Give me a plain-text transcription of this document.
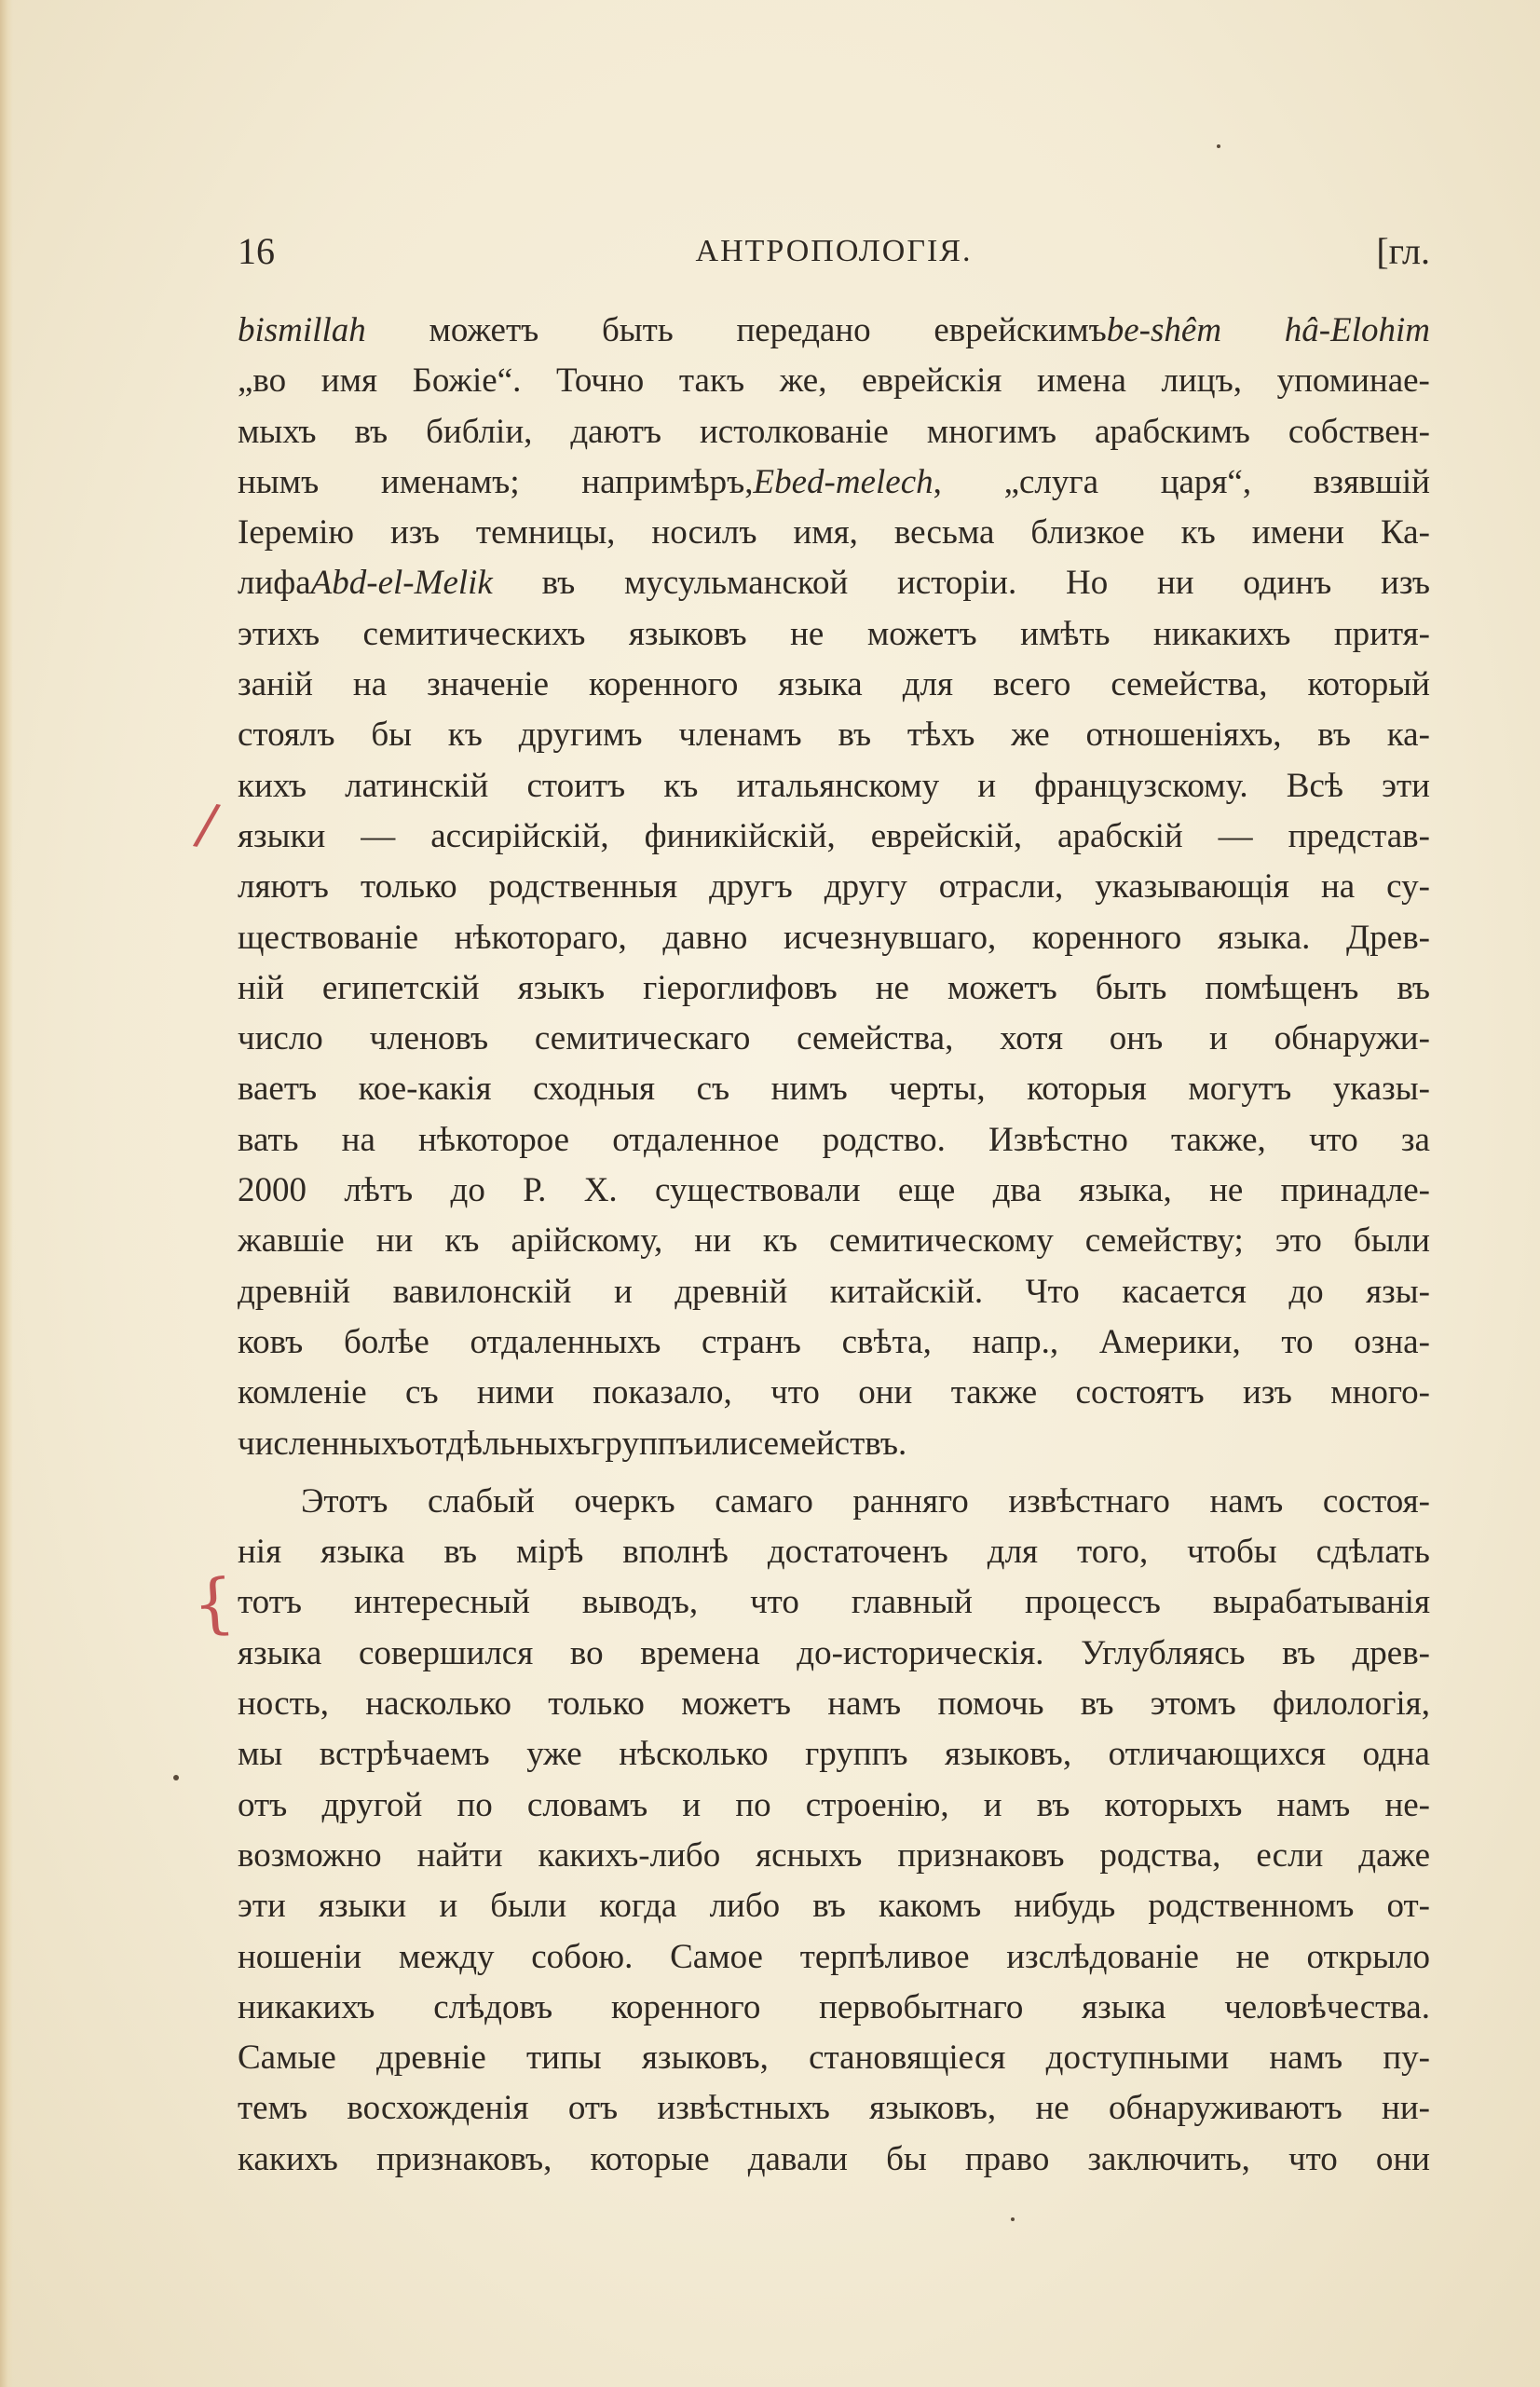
16	АНТРОПОЛОГІЯ.	[гл.
bismillah можетъ быть передано еврейскимъbe-shêm hâ-Elohim
„во имя Божіе“. Точно такъ же, еврейскія имена лицъ, упоминае-
мыхъ въ библіи, даютъ истолкованіе многимъ арабскимъ собствен-
нымъ именамъ; напримѣръ,Ebed-melech, „слуга царя“, взявшій
Іеремію изъ темницы, носилъ имя, весьма близкое къ имени Ка-
лифаAbd-el-Melik въ мусульманской исторіи. Но ни одинъ изъ
этихъ семитическихъ языковъ не можетъ имѣть никакихъ притя-
заній на значеніе коренного языка для всего семейства, который
стоялъ бы къ другимъ членамъ въ тѣхъ же отношеніяхъ, въ ка-
кихъ латинскій стоитъ къ итальянскому и французскому. Всѣ эти
языки — ассирійскій, финикійскій, еврейскій, арабскій — представ-
ляютъ только родственныя другъ другу отрасли, указывающія на су-
ществованіе нѣкотораго, давно исчезнувшаго, коренного языка. Древ-
ній египетскій языкъ гіероглифовъ не можетъ быть помѣщенъ въ
число членовъ семитическаго семейства, хотя онъ и обнаружи-
ваетъ кое-какія сходныя съ нимъ черты, которыя могутъ указы-
вать на нѣкоторое отдаленное родство. Извѣстно также, что за
2000 лѣтъ до Р. Х. существовали еще два языка, не принадле-
жавшіе ни къ арійскому, ни къ семитическому семейству; это были
древній вавилонскій и древній китайскій. Что касается до язы-
ковъ болѣе отдаленныхъ странъ свѣта, напр., Америки, то озна-
комленіе съ ними показало, что они также состоятъ изъ много-
численныхъ отдѣльныхъ группъ или семействъ.
Этотъ слабый очеркъ самаго ранняго извѣстнаго намъ состоя-
нія языка въ мірѣ вполнѣ достаточенъ для того, чтобы сдѣлать
тотъ интересный выводъ, что главный процессъ вырабатыванія
языка совершился во времена до-историческія. Углубляясь въ древ-
ность, насколько только можетъ намъ помочь въ этомъ филологія,
мы встрѣчаемъ уже нѣсколько группъ языковъ, отличающихся одна
отъ другой по словамъ и по строенію, и въ которыхъ намъ не-
возможно найти какихъ-либо ясныхъ признаковъ родства, если даже
эти языки и были когда либо въ какомъ нибудь родственномъ от-
ношеніи между собою. Самое терпѣливое изслѣдованіе не открыло
никакихъ слѣдовъ коренного первобытнаго языка человѣчества.
Самые древніе типы языковъ, становящіеся доступными намъ пу-
темъ восхожденія отъ извѣстныхъ языковъ, не обнаруживаютъ ни-
какихъ признаковъ, которые давали бы право заключить, что они
/
{
